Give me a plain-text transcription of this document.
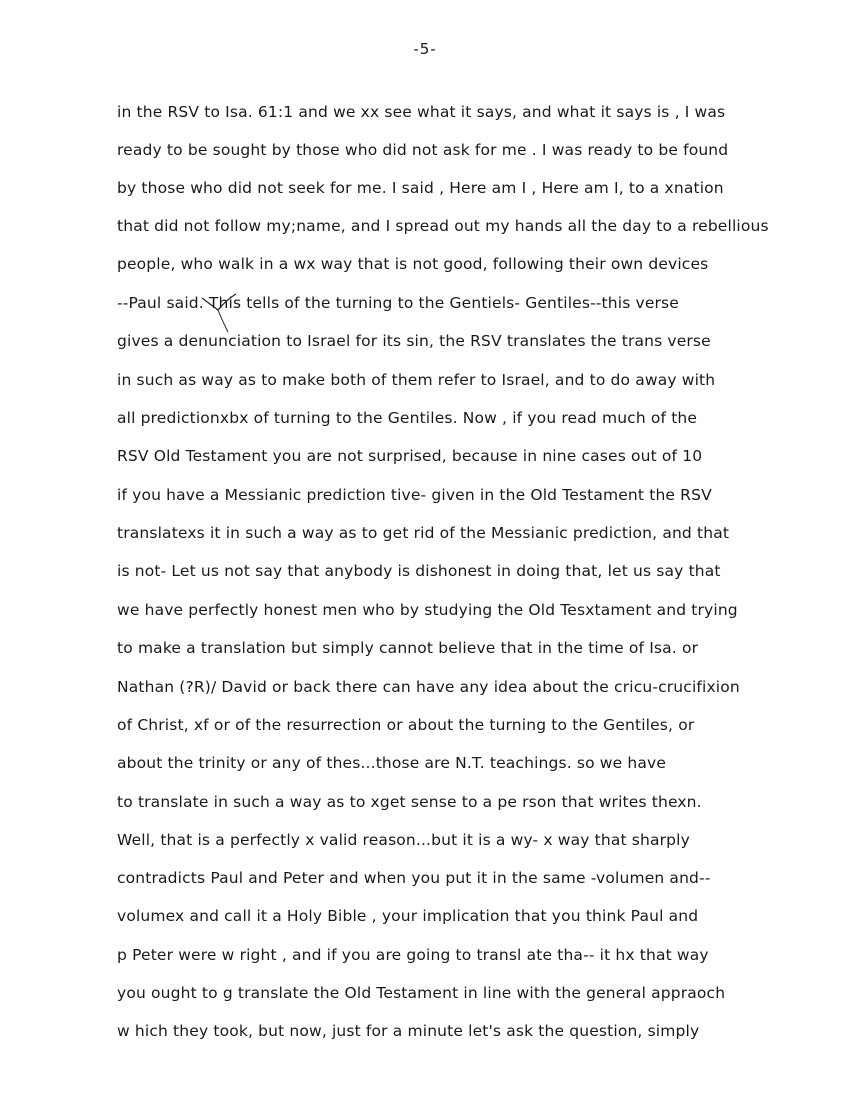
-5-

in the RSV to Isa. 61:1 and we xx see what it says, and what it says is , I was

ready to be sought by those who did not ask for me . I was ready to be found

by those who did not seek for me. I said , Here am I , Here am I, to a xnation

that did not follow my;name, and I spread out my hands all the day to a rebellious

people, who walk in a wx way that is not good, following their own devices

--Paul said. This tells of the turning to the Gentiels- Gentiles--this verse

gives a denunciation to Israel for its sin, the RSV translates the trans verse

in such as way as to make both of them refer to Israel, and to do away with

all predictionxbx of turning to the Gentiles. Now , if you read much of the

RSV Old Testament you are not surprised, because in nine cases out of 10

if you have a Messianic prediction tive- given in the Old Testament the RSV

translatexs it in such a way as to get rid of the Messianic prediction, and that

is not- Let us not say that anybody is dishonest in doing that, let us say that

we have perfectly honest men who by studying the Old Tesxtament and trying

to make a translation but simply cannot believe that in the time of Isa. or

Nathan (?R)/ David or back there can have any idea about the cricu-crucifixion

of Christ, xf or of the resurrection or about the turning to the Gentiles, or

about the trinity or any of thes...those are N.T. teachings. so we have

to translate in such a way as to xget sense to a pe rson that writes thexn.

Well, that is a perfectly x valid reason...but it is a wy- x way that sharply

contradicts Paul and Peter and when you put it in the same -volumen and--

volumex and call it a Holy Bible , your implication that you think Paul and

p Peter were w right , and if you are going to transl ate tha-- it hx that way

you ought to g translate the Old Testament in line with the general appraoch

w hich they took, but now, just for a minute let's ask the question, simply
